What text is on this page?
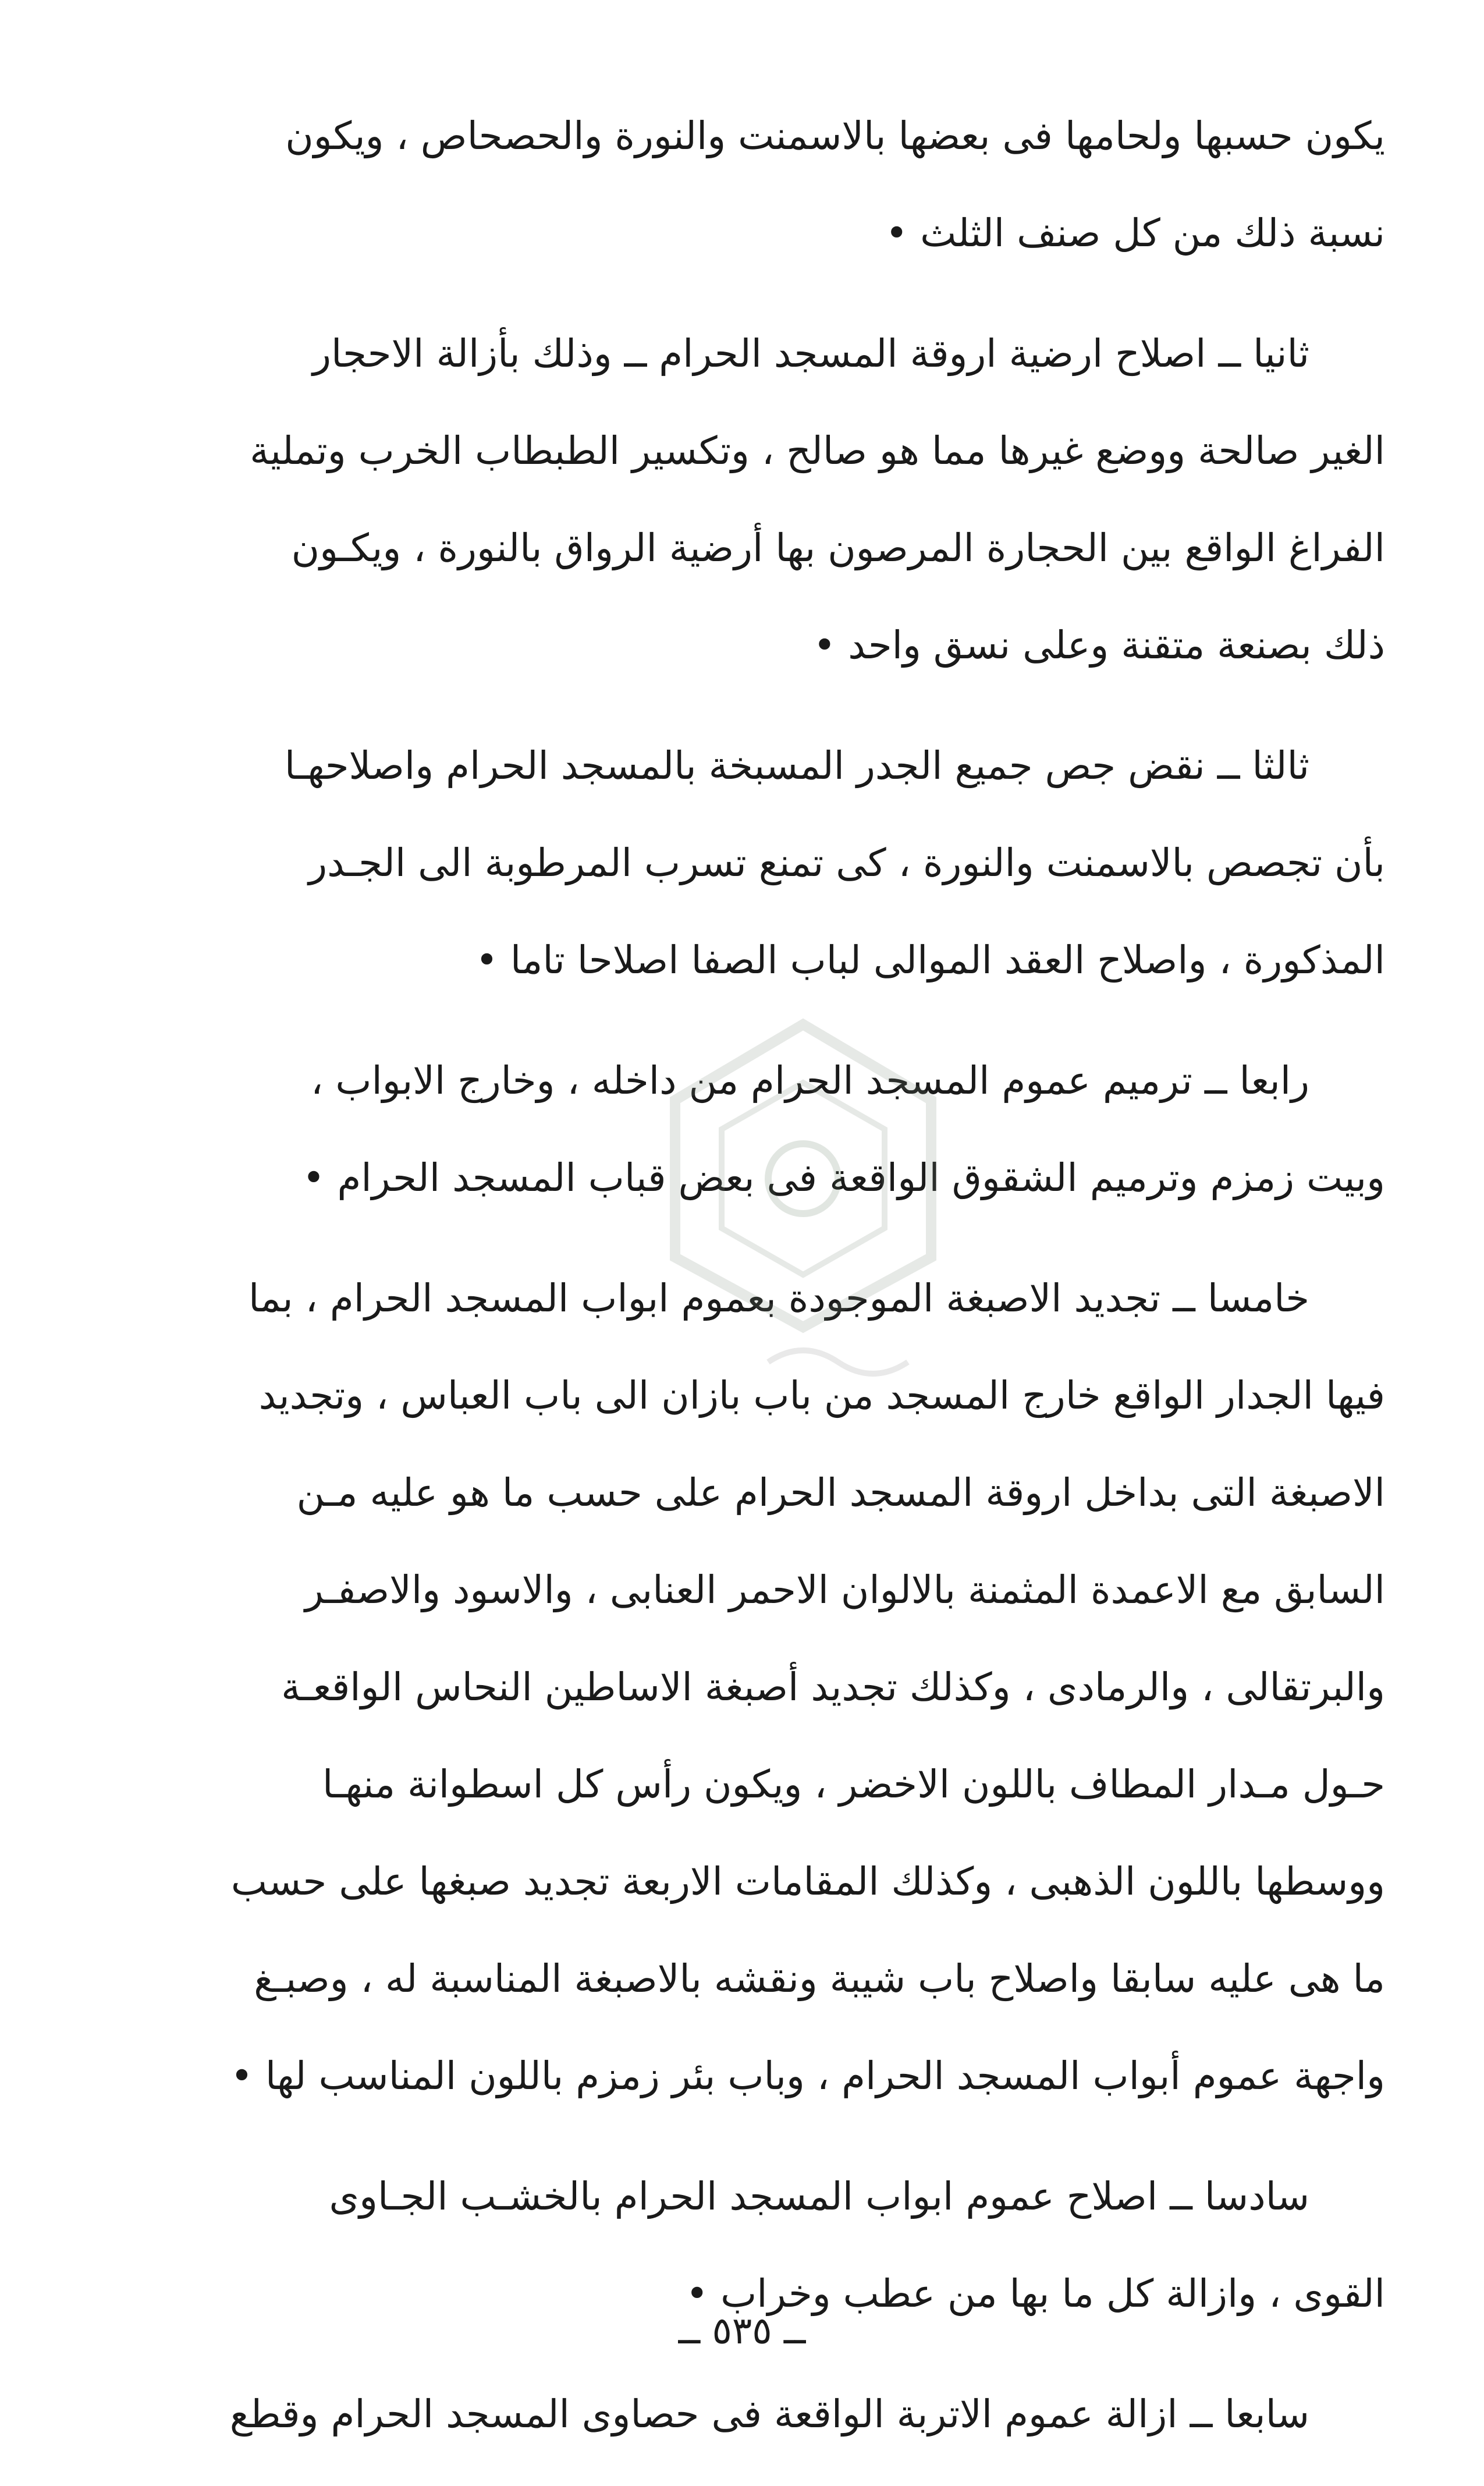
يكون حسبها ولحامها فى بعضها بالاسمنت والنورة والحصحاص ، ويكون
نسبة ذلك من كل صنف الثلث •
ثانيا ــ اصلاح ارضية اروقة المسجد الحرام ــ وذلك بأزالة الاحجار
الغير صالحة ووضع غيرها مما هو صالح ، وتكسير الطبطاب الخرب وتملية
الفراغ الواقع بين الحجارة المرصون بها أرضية الرواق بالنورة ، ويكـون
ذلك بصنعة متقنة وعلى نسق واحد •
ثالثا ــ نقض جص جميع الجدر المسبخة بالمسجد الحرام واصلاحهـا
بأن تجصص بالاسمنت والنورة ، كى تمنع تسرب المرطوبة الى الجـدر
المذكورة ، واصلاح العقد الموالى لباب الصفا اصلاحا تاما •
رابعا ــ ترميم عموم المسجد الحرام من داخله ، وخارج الابواب ،
وبيت زمزم وترميم الشقوق الواقعة فى بعض قباب المسجد الحرام •
خامسا ــ تجديد الاصبغة الموجودة بعموم ابواب المسجد الحرام ، بما
فيها الجدار الواقع خارج المسجد من باب بازان الى باب العباس ، وتجديد
الاصبغة التى بداخل اروقة المسجد الحرام على حسب ما هو عليه مـن
السابق مع الاعمدة المثمنة بالالوان الاحمر العنابى ، والاسود والاصفـر
والبرتقالى ، والرمادى ، وكذلك تجديد أصبغة الاساطين النحاس الواقعـة
حـول مـدار المطاف باللون الاخضر ، ويكون رأس كل اسطوانة منهـا
ووسطها باللون الذهبى ، وكذلك المقامات الاربعة تجديد صبغها على حسب
ما هى عليه سابقا واصلاح باب شيبة ونقشه بالاصبغة المناسبة له ، وصبـغ
واجهة عموم أبواب المسجد الحرام ، وباب بئر زمزم باللون المناسب لها •
سادسا ــ اصلاح عموم ابواب المسجد الحرام بالخشـب الجـاوى
القوى ، وازالة كل ما بها من عطب وخراب •
سابعا ــ ازالة عموم الاتربة الواقعة فى حصاوى المسجد الحرام وقطع
ــ ٥٣٥ ــ
